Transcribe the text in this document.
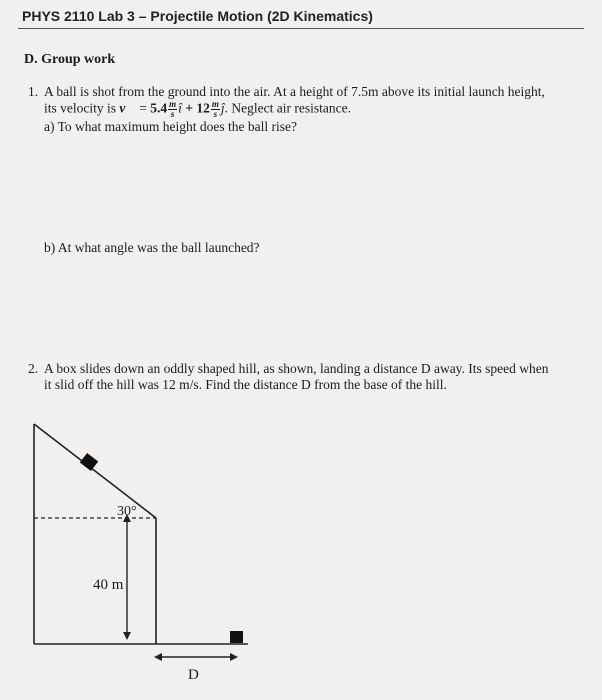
PHYS 2110 Lab 3 – Projectile Motion (2D Kinematics)
D. Group work
1. A ball is shot from the ground into the air. At a height of 7.5m above its initial launch height,
its velocity is v⃗ = $5.4 \frac{m}{s}$ î + $12 \frac{m}{s}$ ĵ. Neglect air resistance.
a) To what maximum height does the ball rise?
b) At what angle was the ball launched?
2. A box slides down an oddly shaped hill, as shown, landing a distance D away. Its speed when
it slid off the hill was 12 m/s. Find the distance D from the base of the hill.
30°
40 m
D
